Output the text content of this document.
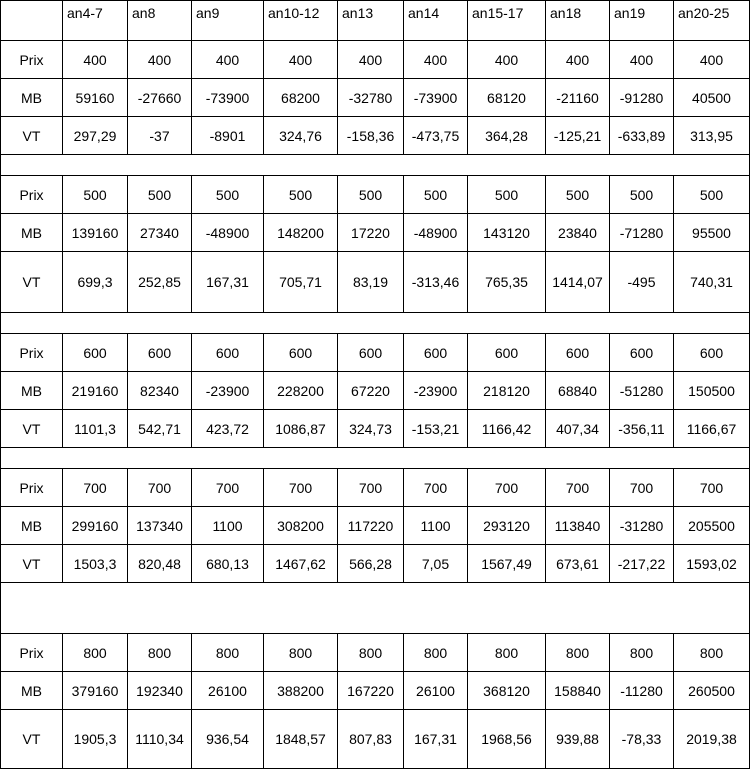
	an4-7	an8	an9	an10-12	an13	an14	an15-17	an18	an19	an20-25
Prix	400	400	400	400	400	400	400	400	400	400
MB	59160	-27660	-73900	68200	-32780	-73900	68120	-21160	-91280	40500
VT	297,29	-37	-8901	324,76	-158,36	-473,75	364,28	-125,21	-633,89	313,95

Prix	500	500	500	500	500	500	500	500	500	500
MB	139160	27340	-48900	148200	17220	-48900	143120	23840	-71280	95500
VT	699,3	252,85	167,31	705,71	83,19	-313,46	765,35	1414,07	-495	740,31

Prix	600	600	600	600	600	600	600	600	600	600
MB	219160	82340	-23900	228200	67220	-23900	218120	68840	-51280	150500
VT	1101,3	542,71	423,72	1086,87	324,73	-153,21	1166,42	407,34	-356,11	1166,67

Prix	700	700	700	700	700	700	700	700	700	700
MB	299160	137340	1100	308200	117220	1100	293120	113840	-31280	205500
VT	1503,3	820,48	680,13	1467,62	566,28	7,05	1567,49	673,61	-217,22	1593,02

Prix	800	800	800	800	800	800	800	800	800	800
MB	379160	192340	26100	388200	167220	26100	368120	158840	-11280	260500
VT	1905,3	1110,34	936,54	1848,57	807,83	167,31	1968,56	939,88	-78,33	2019,38
